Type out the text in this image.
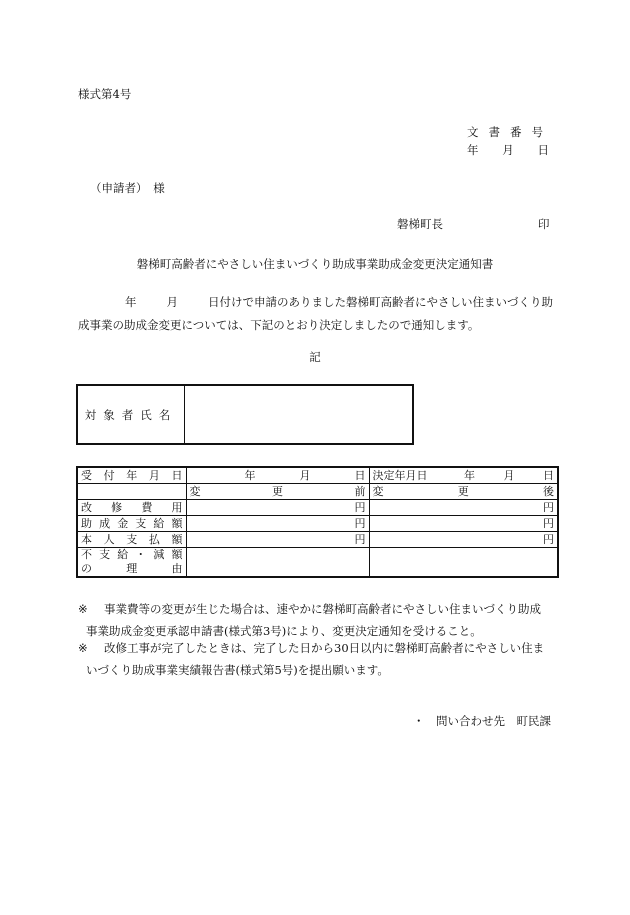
様式第4号
文書番号
年 月 日
（申請者）　様
磐梯町長	印
磐梯町高齢者にやさしい住まいづくり助成事業助成金変更決定通知書
年	月	日付けで申請のありました磐梯町高齢者にやさしい住まいづくり助
成事業の助成金変更については、下記のとおり決定しましたので通知します。
記
対象者氏名	
受付年月日	年 月 日	決定年月日 年 月 日

	変　　　　更　　　　前	変　　　　　　更　　　　　　後
改修費用	円	円
助成金支給額	円	円
本人支払額	円	円

不支給・減額
の理由		

※ 事業費等の変更が生じた場合は、速やかに磐梯町高齢者にやさしい住まいづくり助成
事業助成金変更承認申請書(様式第3号)により、変更決定通知を受けること。
※ 改修工事が完了したときは、完了した日から30日以内に磐梯町高齢者にやさしい住ま
いづくり助成事業実績報告書(様式第5号)を提出願います。
・　問い合わせ先　町民課
